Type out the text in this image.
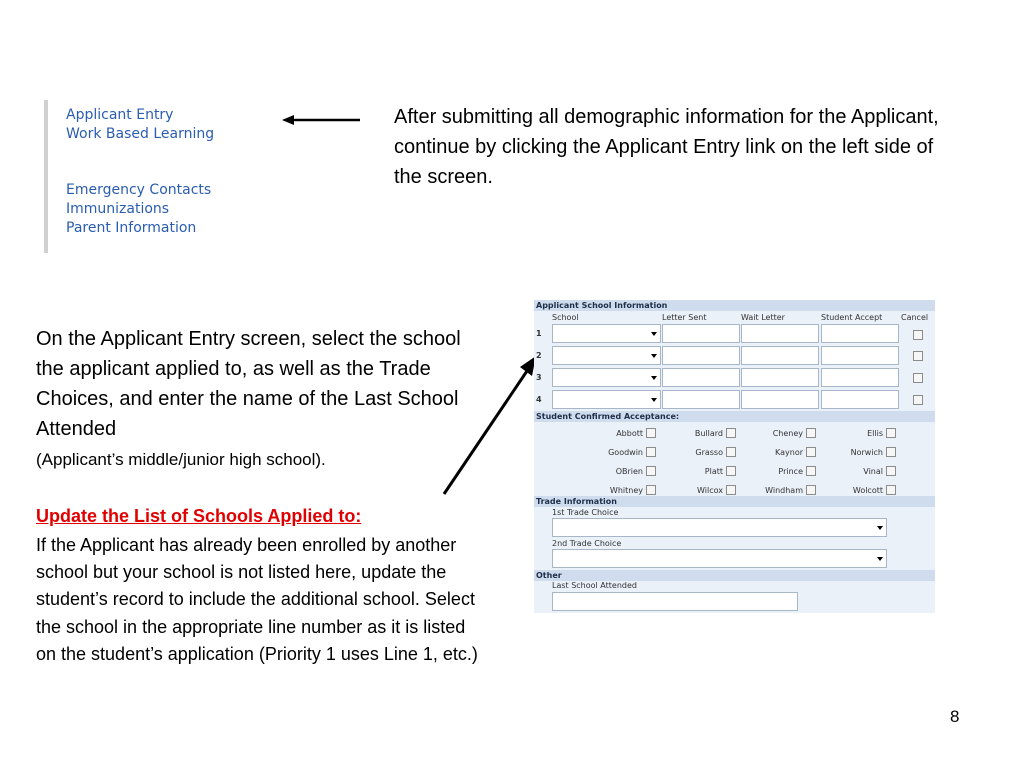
Applicant Entry
Work Based Learning
Emergency Contacts
Immunizations
Parent Information
After submitting all demographic information for the Applicant, continue by clicking the Applicant Entry link on the left side of the screen.
On the Applicant Entry screen, select the school the applicant applied to, as well as the Trade Choices, and enter the name of the Last School Attended
(Applicant’s middle/junior high school).
Update the List of Schools Applied to:
If the Applicant has already been enrolled by another school but your school is not listed here, update the student’s record to include the additional school. Select the school in the appropriate line number as it is listed on the student’s application (Priority 1 uses Line 1, etc.)
8
Applicant School Information
School	Letter Sent	Wait Letter	Student Accept Cancel
1
2
3
4
Student Confirmed Acceptance:
Abbott	Bullard	Cheney	Ellis
Goodwin	Grasso	Kaynor	Norwich
OBrien	Platt	Prince	Vinal
Whitney	Wilcox	Windham	Wolcott
Trade Information
1st Trade Choice
2nd Trade Choice
Other
Last School Attended
